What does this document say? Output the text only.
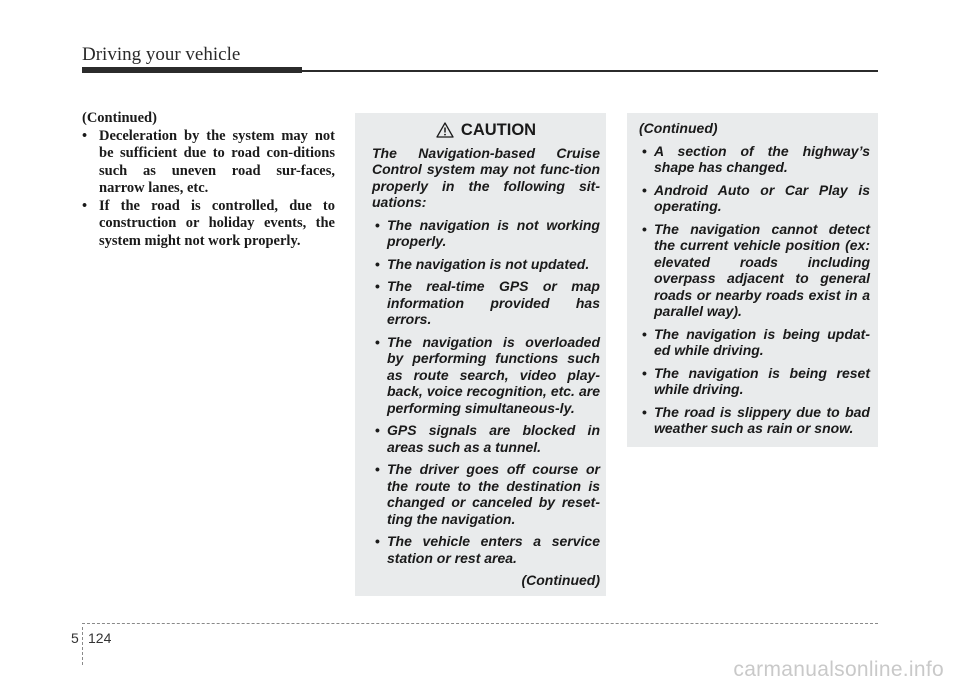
Driving your vehicle

(Continued)

• Deceleration by the system may not be sufficient due to road con-ditions such as uneven road sur-faces, narrow lanes, etc.
• If the road is controlled, due to construction or holiday events, the system might not work properly.
CAUTION

The Navigation-based Cruise Control system may not func-tion properly in the following sit-uations:

• The navigation is not working properly.
• The navigation is not updated.
• The real-time GPS or map information provided has errors.
• The navigation is overloaded by performing functions such as route search, video play-back, voice recognition, etc. are performing simultaneous-ly.
• GPS signals are blocked in areas such as a tunnel.
• The driver goes off course or the route to the destination is changed or canceled by reset-ting the navigation.
• The vehicle enters a service station or rest area.

(Continued)

(Continued)

• A section of the highway’s shape has changed.
• Android Auto or Car Play is operating.
• The navigation cannot detect the current vehicle position (ex: elevated roads including overpass adjacent to general roads or nearby roads exist in a parallel way).
• The navigation is being updat-ed while driving.
• The navigation is being reset while driving.
• The road is slippery due to bad weather such as rain or snow.
5 124
carmanualsonline.info
